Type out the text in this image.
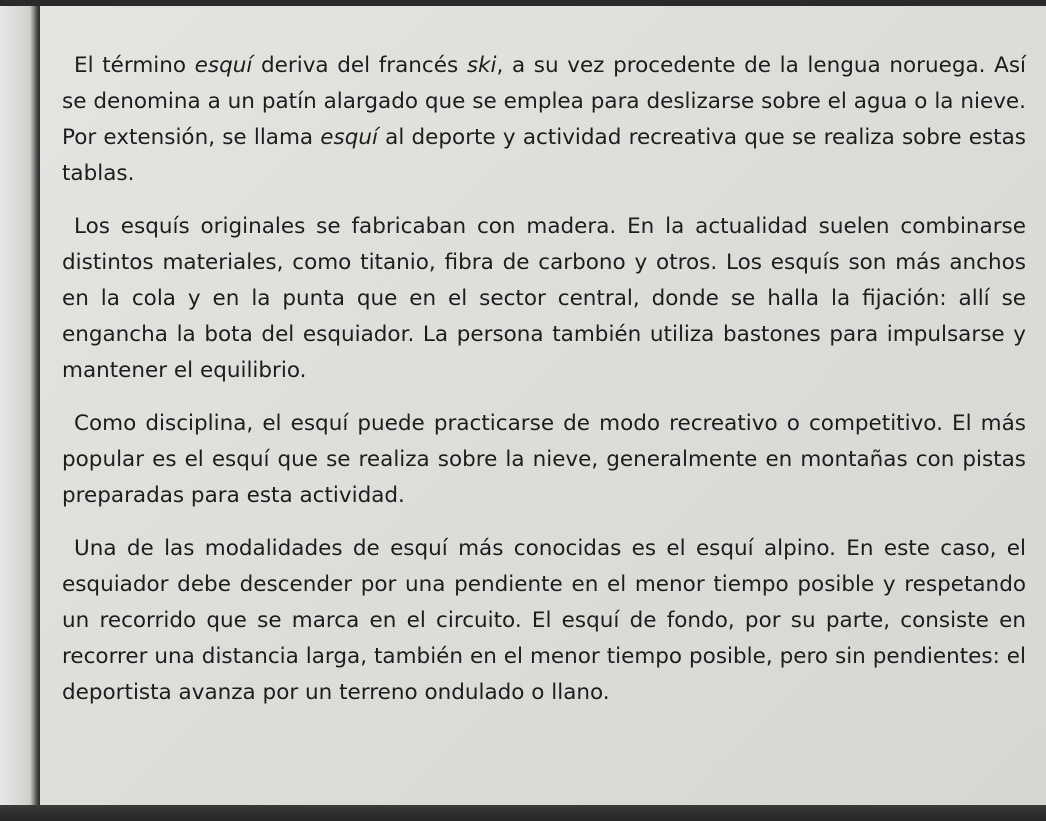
El término esquí deriva del francés ski, a su vez procedente de la lengua noruega. Así se denomina a un patín alargado que se emplea para deslizarse sobre el agua o la nieve. Por extensión, se llama esquí al deporte y actividad recreativa que se realiza sobre estas tablas.

Los esquís originales se fabricaban con madera. En la actualidad suelen combinarse distintos materiales, como titanio, fibra de carbono y otros. Los esquís son más anchos en la cola y en la punta que en el sector central, donde se halla la fijación: allí se engancha la bota del esquiador. La persona también utiliza bastones para impulsarse y mantener el equilibrio.

Como disciplina, el esquí puede practicarse de modo recreativo o competitivo. El más popular es el esquí que se realiza sobre la nieve, generalmente en montañas con pistas preparadas para esta actividad.

Una de las modalidades de esquí más conocidas es el esquí alpino. En este caso, el esquiador debe descender por una pendiente en el menor tiempo posible y respetando un recorrido que se marca en el circuito. El esquí de fondo, por su parte, consiste en recorrer una distancia larga, también en el menor tiempo posible, pero sin pendientes: el deportista avanza por un terreno ondulado o llano.
